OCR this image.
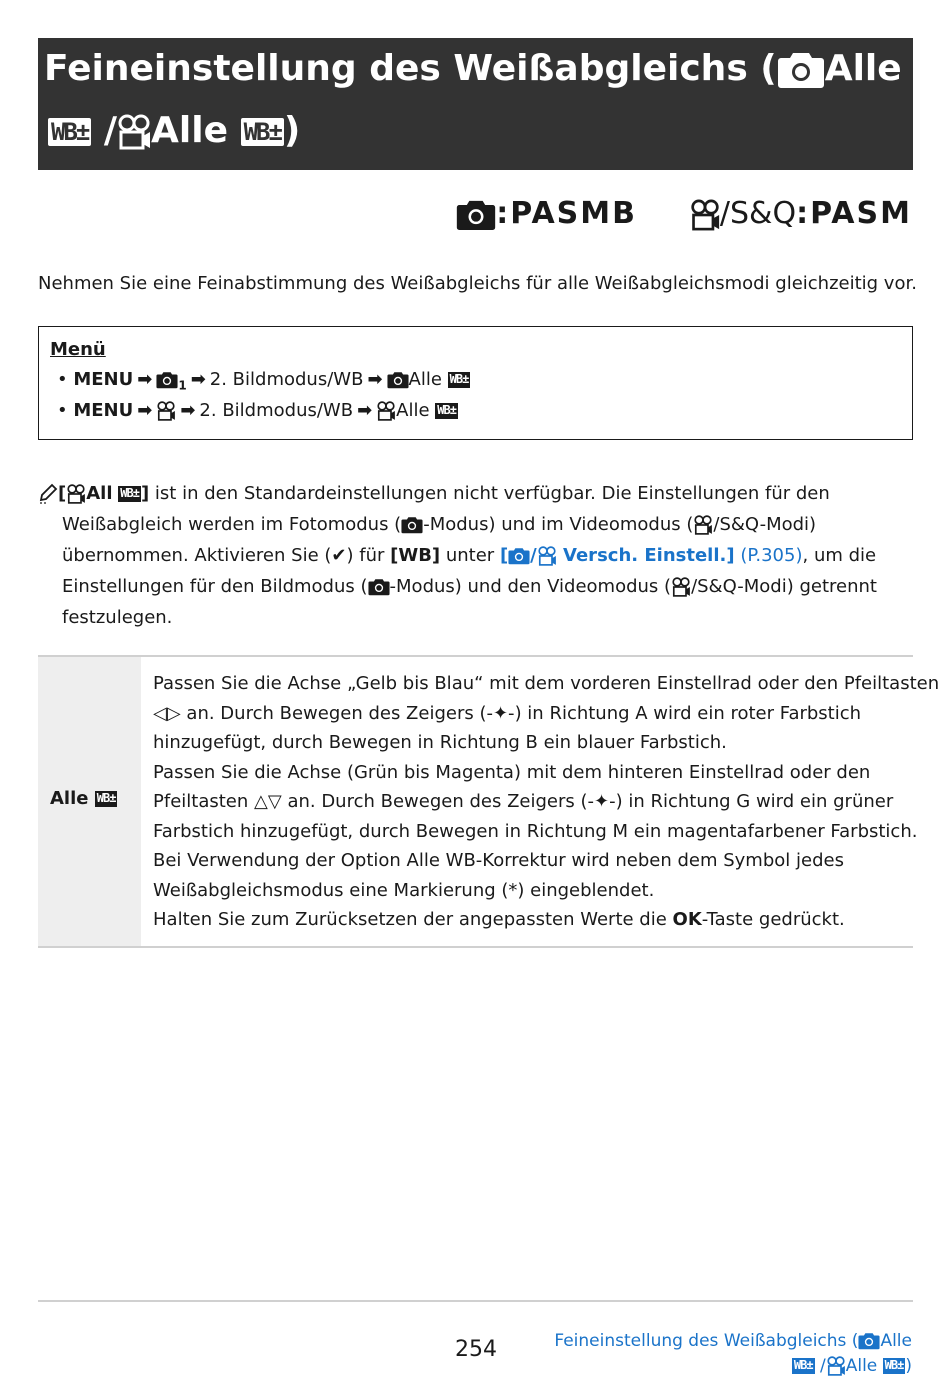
Feineinstellung des Weißabgleichs ( Alle
WB± / Alle WB±)
:PASMB	/S&Q:PASM
Nehmen Sie eine Feinabstimmung des Weißabgleichs für alle Weißabgleichsmodi gleichzeitig vor.
Menü
• MENU ➡ $_1$ ➡ 2. Bildmodus/WB ➡ Alle WB±
• MENU ➡ ➡ 2. Bildmodus/WB ➡ Alle WB±
[ All WB± ] ist in den Standardeinstellungen nicht verfügbar. Die Einstellungen für den
Weißabgleich werden im Fotomodus ( -Modus) und im Videomodus ( /S&Q-Modi)
übernommen. Aktivieren Sie (✔) für [WB] unter [ / Versch. Einstell.] (P.305), um die
Einstellungen für den Bildmodus ( -Modus) und den Videomodus ( /S&Q-Modi) getrennt
festzulegen.
Alle WB±
Passen Sie die Achse „Gelb bis Blau“ mit dem vorderen Einstellrad oder den Pfeiltasten
◁▷ an. Durch Bewegen des Zeigers (-✦-) in Richtung A wird ein roter Farbstich
hinzugefügt, durch Bewegen in Richtung B ein blauer Farbstich.
Passen Sie die Achse (Grün bis Magenta) mit dem hinteren Einstellrad oder den
Pfeiltasten △▽ an. Durch Bewegen des Zeigers (-✦-) in Richtung G wird ein grüner
Farbstich hinzugefügt, durch Bewegen in Richtung M ein magentafarbener Farbstich.
Bei Verwendung der Option Alle WB-Korrektur wird neben dem Symbol jedes
Weißabgleichsmodus eine Markierung (*) eingeblendet.
Halten Sie zum Zurücksetzen der angepassten Werte die OK-Taste gedrückt.
254	Feineinstellung des Weißabgleichs ( Alle
WB± / Alle WB± )
